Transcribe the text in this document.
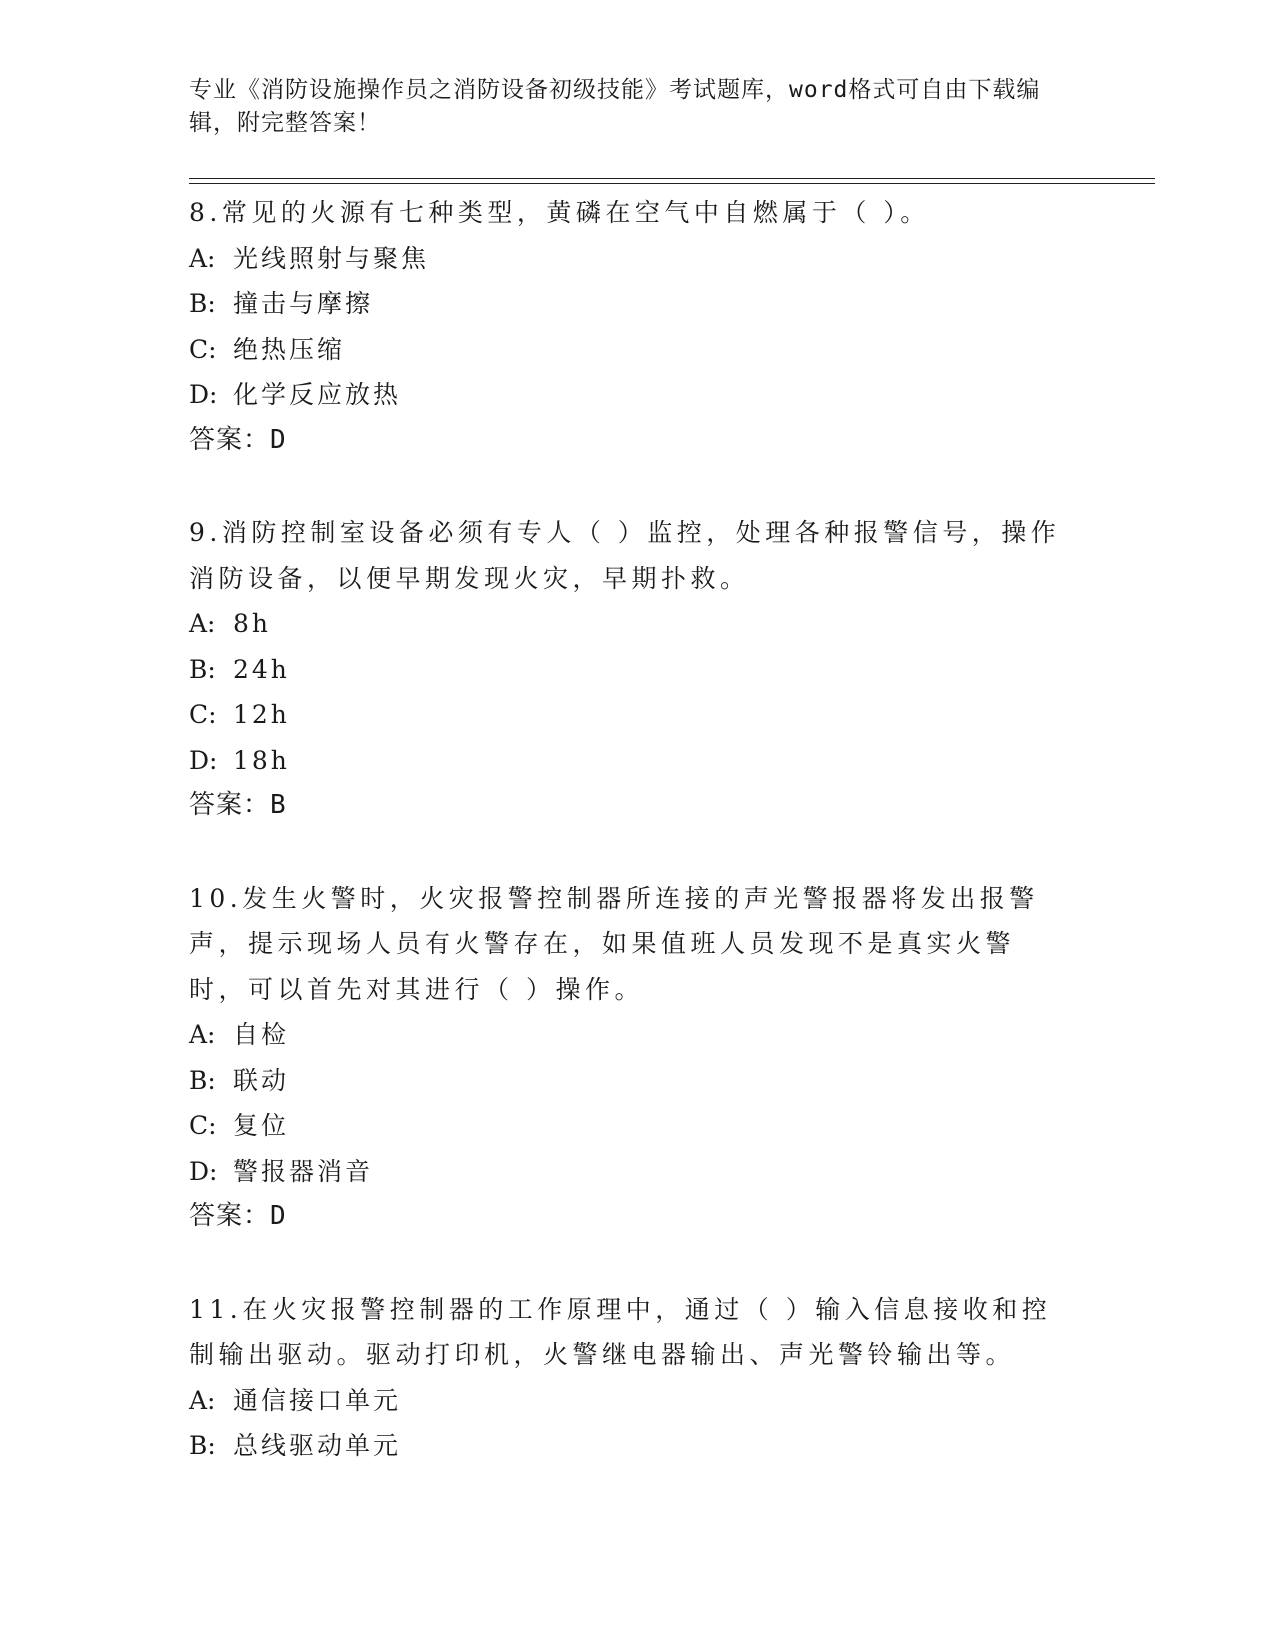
专业《消防设施操作员之消防设备初级技能》考试题库，word格式可自由下载编辑，附完整答案！
8.常见的火源有七种类型，黄磷在空气中自燃属于（ ）。
A: 光线照射与聚焦
B: 撞击与摩擦
C: 绝热压缩
D: 化学反应放热
答案：D
9.消防控制室设备必须有专人（ ）监控，处理各种报警信号，操作消防设备，以便早期发现火灾，早期扑救。
A: 8h
B: 24h
C: 12h
D: 18h
答案：B
10.发生火警时，火灾报警控制器所连接的声光警报器将发出报警声，提示现场人员有火警存在，如果值班人员发现不是真实火警时，可以首先对其进行（ ）操作。
A: 自检
B: 联动
C: 复位
D: 警报器消音
答案：D
11.在火灾报警控制器的工作原理中，通过（ ）输入信息接收和控制输出驱动。驱动打印机，火警继电器输出、声光警铃输出等。
A: 通信接口单元
B: 总线驱动单元
